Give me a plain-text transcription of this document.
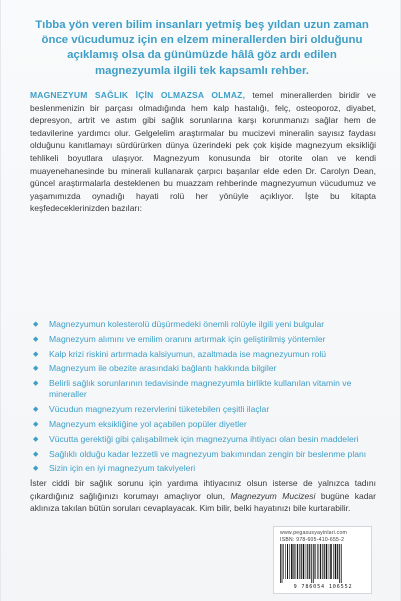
Tıbba yön veren bilim insanları yetmiş beş yıldan uzun zaman önce vücudumuz için en elzem minerallerden biri olduğunu açıklamış olsa da günümüzde hâlâ göz ardı edilen magnezyumla ilgili tek kapsamlı rehber.

MAGNEZYUM SAĞLIK İÇİN OLMAZSA OLMAZ, temel minerallerden biridir ve beslenmenizin bir parçası olmadığında hem kalp hastalığı, felç, osteoporoz, diyabet, depresyon, artrit ve astım gibi sağlık sorunlarına karşı korunmanızı sağlar hem de tedavilerine yardımcı olur. Gelgelelim araştırmalar bu mucizevi mineralin sayısız faydası olduğunu kanıtlamayı sürdürürken dünya üzerindeki pek çok kişide magnezyum eksikliği tehlikeli boyutlara ulaşıyor. Magnezyum konusunda bir otorite olan ve kendi muayenehanesinde bu minerali kullanarak çarpıcı başarılar elde eden Dr. Carolyn Dean, güncel araştırmalarla desteklenen bu muazzam rehberinde magnezyumun vücudumuz ve yaşamımızda oynadığı hayati rolü her yönüyle açıklıyor. İşte bu kitapta keşfedeceklerinizden bazıları:

◆ Magnezyumun kolesterolü düşürmedeki önemli rolüyle ilgili yeni bulgular
◆ Magnezyum alımını ve emilim oranını artırmak için geliştirilmiş yöntemler
◆ Kalp krizi riskini artırmada kalsiyumun, azaltmada ise magnezyumun rolü
◆ Magnezyum ile obezite arasındaki bağlantı hakkında bilgiler
◆ Belirli sağlık sorunlarının tedavisinde magnezyumla birlikte kullanılan vitamin ve mineraller
◆ Vücudun magnezyum rezervlerini tüketebilen çeşitli ilaçlar
◆ Magnezyum eksikliğine yol açabilen popüler diyetler
◆ Vücutta gerektiği gibi çalışabilmek için magnezyuma ihtiyacı olan besin maddeleri
◆ Sağlıklı olduğu kadar lezzetli ve magnezyum bakımından zengin bir beslenme planı
◆ Sizin için en iyi magnezyum takviyeleri

İster ciddi bir sağlık sorunu için yardıma ihtiyacınız olsun isterse de yalnızca tadını çıkardığınız sağlığınızı korumayı amaçlıyor olun, Magnezyum Mucizesi bugüne kadar aklınıza takılan bütün soruları cevaplayacak. Kim bilir, belki hayatınızı bile kurtarabilir.

www.pegasusyayinlari.com
ISBN: 978-605-410-655-2
9 786054 106552
